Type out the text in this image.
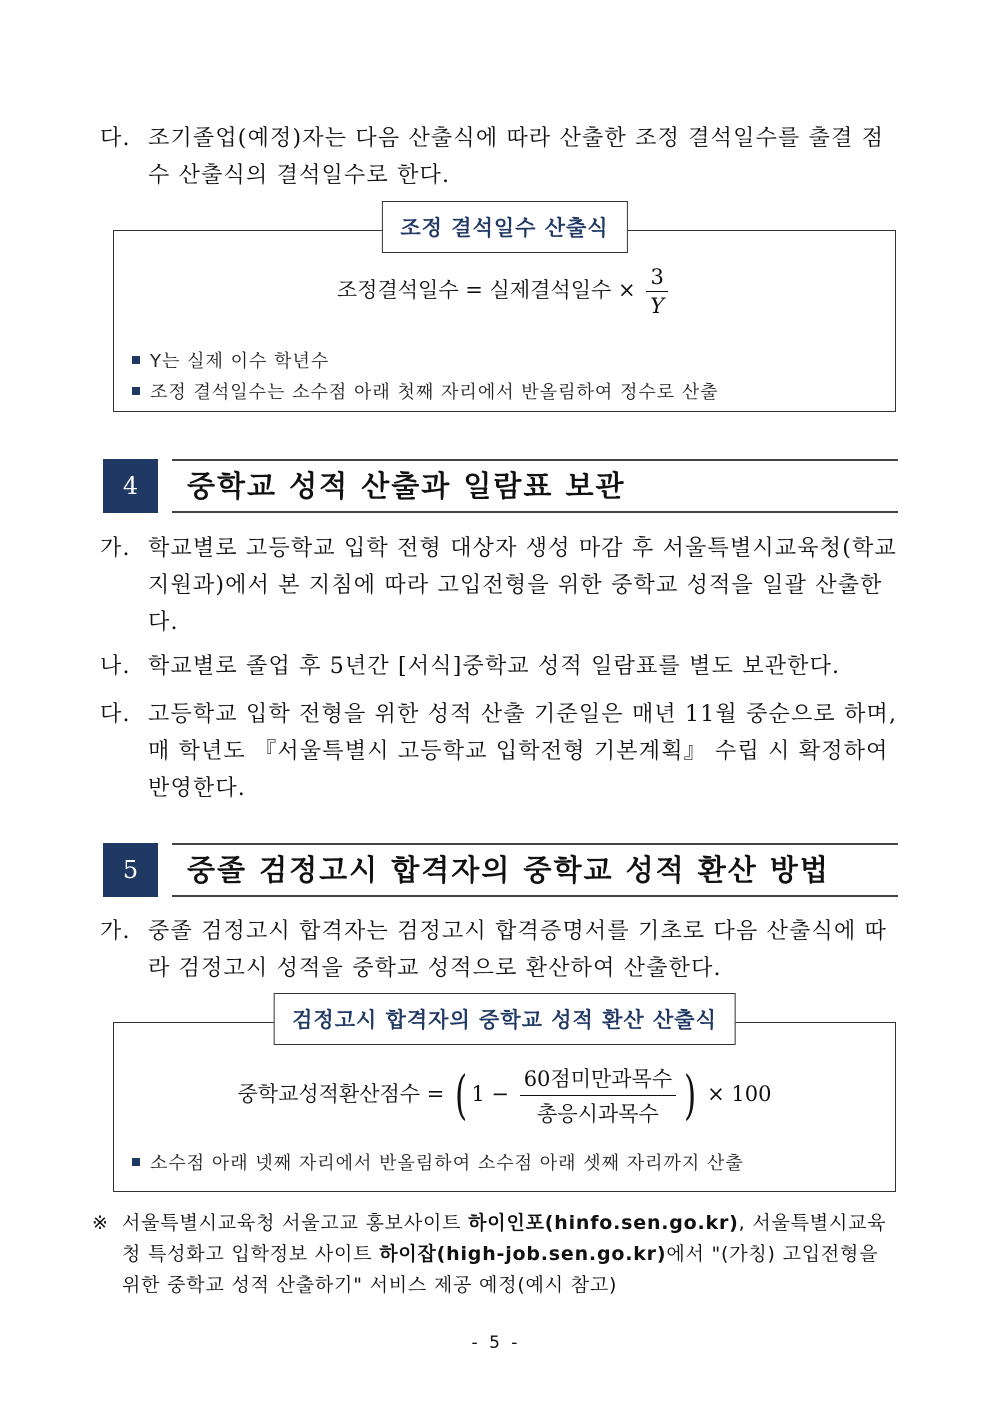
다. 조기졸업(예정)자는 다음 산출식에 따라 산출한 조정 결석일수를 출결 점수 산출식의 결석일수로 한다.
조정 결석일수 산출식
조정결석일수 = 실제결석일수 × $\frac{3}{Y}$
Y는 실제 이수 학년수
조정 결석일수는 소수점 아래 첫째 자리에서 반올림하여 정수로 산출
4	중학교 성적 산출과 일람표 보관
가. 학교별로 고등학교 입학 전형 대상자 생성 마감 후 서울특별시교육청(학교지원과)에서 본 지침에 따라 고입전형을 위한 중학교 성적을 일괄 산출한다.
나. 학교별로 졸업 후 5년간 [서식]중학교 성적 일람표를 별도 보관한다.
다. 고등학교 입학 전형을 위한 성적 산출 기준일은 매년 11월 중순으로 하며, 매 학년도 『서울특별시 고등학교 입학전형 기본계획』 수립 시 확정하여 반영한다.
5	중졸 검정고시 합격자의 중학교 성적 환산 방법
가. 중졸 검정고시 합격자는 검정고시 합격증명서를 기초로 다음 산출식에 따라 검정고시 성적을 중학교 성적으로 환산하여 산출한다.
검정고시 합격자의 중학교 성적 환산 산출식
중학교성적환산점수 = ( $1 - \frac{\text{60점미만과목수}}{\text{총응시과목수}}$ ) × 100
소수점 아래 넷째 자리에서 반올림하여 소수점 아래 셋째 자리까지 산출
※ 서울특별시교육청 서울고교 홍보사이트 하이인포(hinfo.sen.go.kr), 서울특별시교육청 특성화고 입학정보 사이트 하이잡(high-job.sen.go.kr)에서 "(가칭) 고입전형을 위한 중학교 성적 산출하기" 서비스 제공 예정(예시 참고)
- 5 -
